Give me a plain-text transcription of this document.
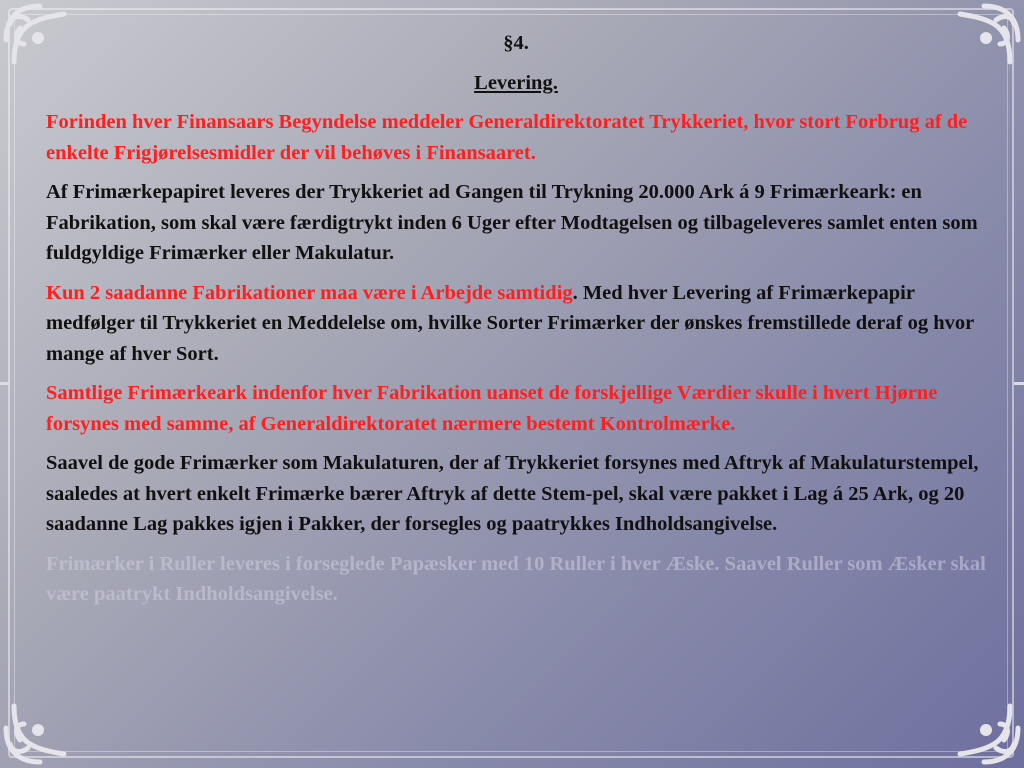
§4.

Levering.

Forinden hver Finansaars Begyndelse meddeler Generaldirektoratet Trykkeriet, hvor stort Forbrug af de enkelte Frigjørelsesmidler der vil behøves i Finansaaret.

Af Frimærkepapiret leveres der Trykkeriet ad Gangen til Trykning 20.000 Ark á 9 Frimærkeark: en Fabrikation, som skal være færdigtrykt inden 6 Uger efter Modtagelsen og tilbageleveres samlet enten som fuldgyldige Frimærker eller Makulatur.

Kun 2 saadanne Fabrikationer maa være i Arbejde samtidig. Med hver Levering af Frimærkepapir medfølger til Trykkeriet en Meddelelse om, hvilke Sorter Frimærker der ønskes fremstillede deraf og hvor mange af hver Sort.

Samtlige Frimærkeark indenfor hver Fabrikation uanset de forskjellige Værdier skulle i hvert Hjørne forsynes med samme, af Generaldirektoratet nærmere bestemt Kontrolmærke.

Saavel de gode Frimærker som Makulaturen, der af Trykkeriet forsynes med Aftryk af Makulaturstempel, saaledes at hvert enkelt Frimærke bærer Aftryk af dette Stem-pel, skal være pakket i Lag á 25 Ark, og 20 saadanne Lag pakkes igjen i Pakker, der forsegles og paatrykkes Indholdsangivelse.

Frimærker i Ruller leveres i forseglede Papæsker med 10 Ruller i hver Æske. Saavel Ruller som Æsker skal være paatrykt Indholdsangivelse.
